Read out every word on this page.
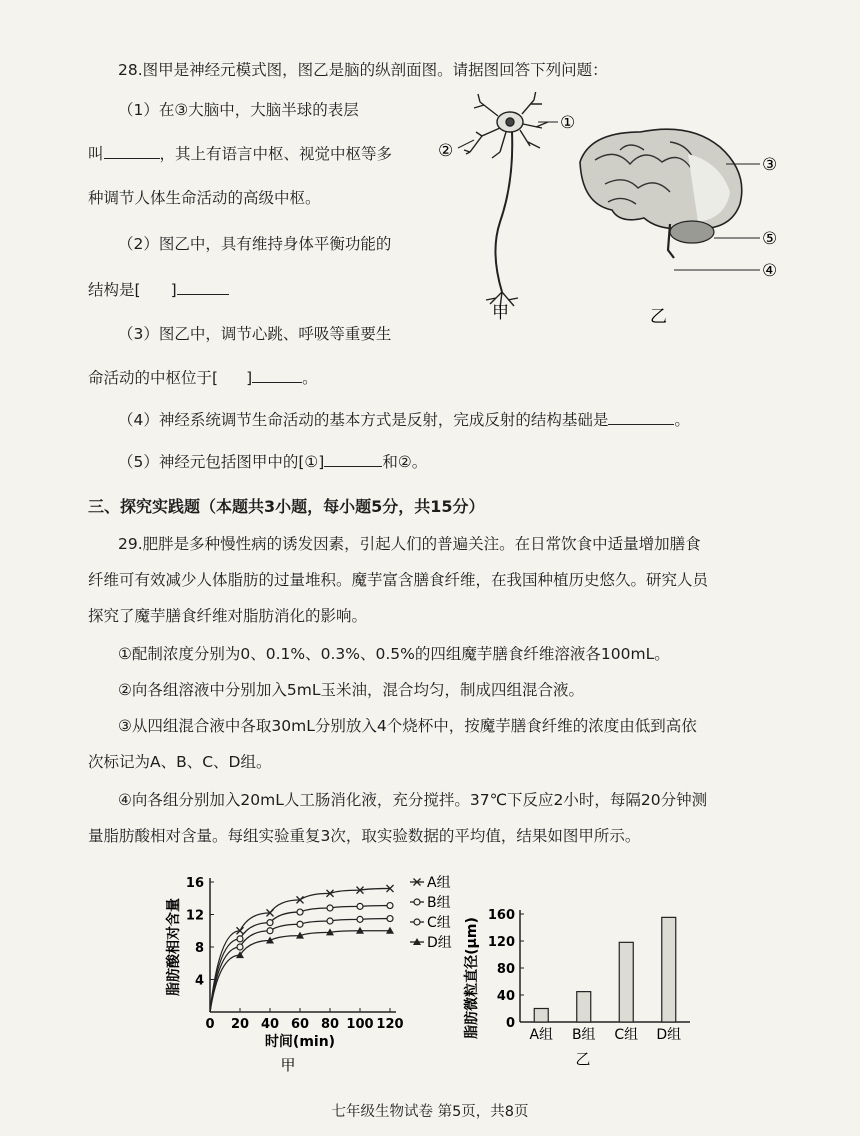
28.图甲是神经元模式图，图乙是脑的纵剖面图。请据图回答下列问题：
（1）在③大脑中，大脑半球的表层
叫	，其上有语言中枢、视觉中枢等多
种调节人体生命活动的高级中枢。
（2）图乙中，具有维持身体平衡功能的
结构是[ ]
（3）图乙中，调节心跳、呼吸等重要生
命活动的中枢位于[ ]	。
（4）神经系统调节生命活动的基本方式是反射，完成反射的结构基础是	。
（5）神经元包括图甲中的[①]	和②。
①
②
③
⑤
④
甲	乙
三、探究实践题（本题共3小题，每小题5分，共15分）
29.肥胖是多种慢性病的诱发因素，引起人们的普遍关注。在日常饮食中适量增加膳食
纤维可有效减少人体脂肪的过量堆积。魔芋富含膳食纤维，在我国种植历史悠久。研究人员
探究了魔芋膳食纤维对脂肪消化的影响。
①配制浓度分别为0、0.1%、0.3%、0.5%的四组魔芋膳食纤维溶液各100mL。
②向各组溶液中分别加入5mL玉米油，混合均匀，制成四组混合液。
③从四组混合液中各取30mL分别放入4个烧杯中，按魔芋膳食纤维的浓度由低到高依
次标记为A、B、C、D组。
④向各组分别加入20mL人工肠消化液，充分搅拌。37℃下反应2小时，每隔20分钟测
量脂肪酸相对含量。每组实验重复3次，取实验数据的平均值，结果如图甲所示。
0 20 40 60 80 100 120
4
8
12
16
脂肪酸相对含量
时间(min)
甲
A组
B组
C组
D组
0
40
80
120
160
脂肪微粒直径(μm)	A组 B组 C组 D组
乙
七年级生物试卷 第5页，共8页
